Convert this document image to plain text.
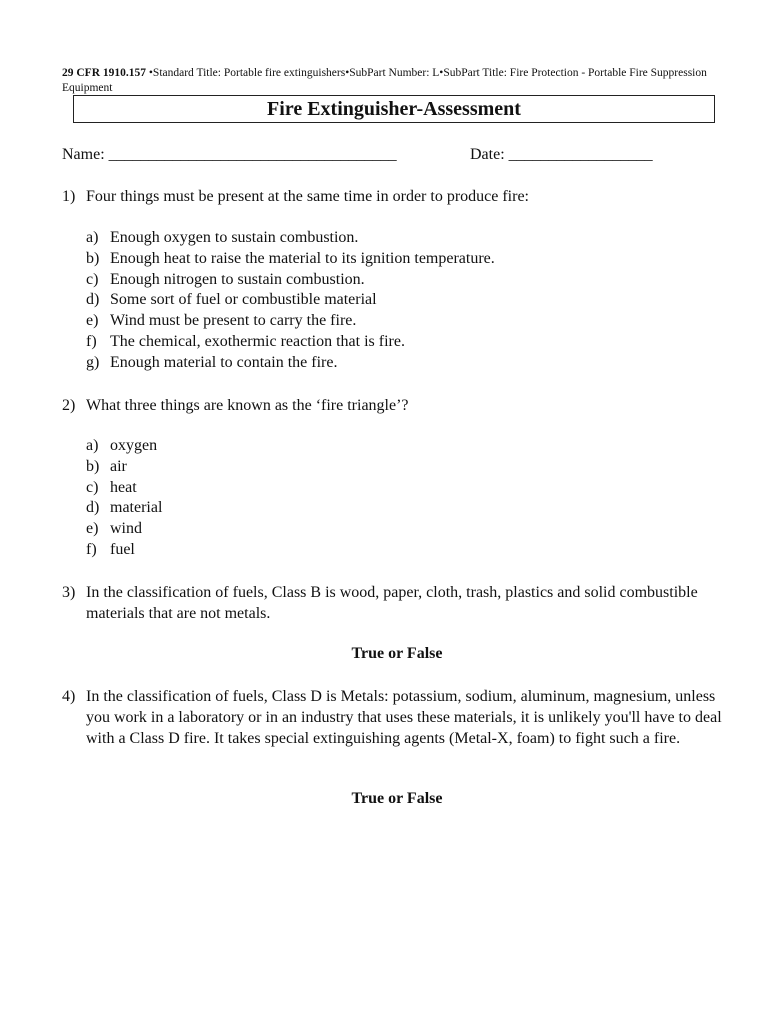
29 CFR 1910.157 •Standard Title: Portable fire extinguishers•SubPart Number: L•SubPart Title: Fire Protection - Portable Fire Suppression Equipment
Fire Extinguisher-Assessment
Name: ____________________________________	Date: __________________
1) Four things must be present at the same time in order to produce fire:
a) Enough oxygen to sustain combustion.
b) Enough heat to raise the material to its ignition temperature.
c) Enough nitrogen to sustain combustion.
d) Some sort of fuel or combustible material
e) Wind must be present to carry the fire.
f) The chemical, exothermic reaction that is fire.
g) Enough material to contain the fire.
2) What three things are known as the ‘fire triangle’?
a) oxygen
b) air
c) heat
d) material
e) wind
f) fuel
3) In the classification of fuels, Class B is wood, paper, cloth, trash, plastics and solid combustible materials that are not metals.
True or False
4) In the classification of fuels, Class D is Metals: potassium, sodium, aluminum, magnesium, unless you work in a laboratory or in an industry that uses these materials, it is unlikely you'll have to deal with a Class D fire. It takes special extinguishing agents (Metal-X, foam) to fight such a fire.
True or False
